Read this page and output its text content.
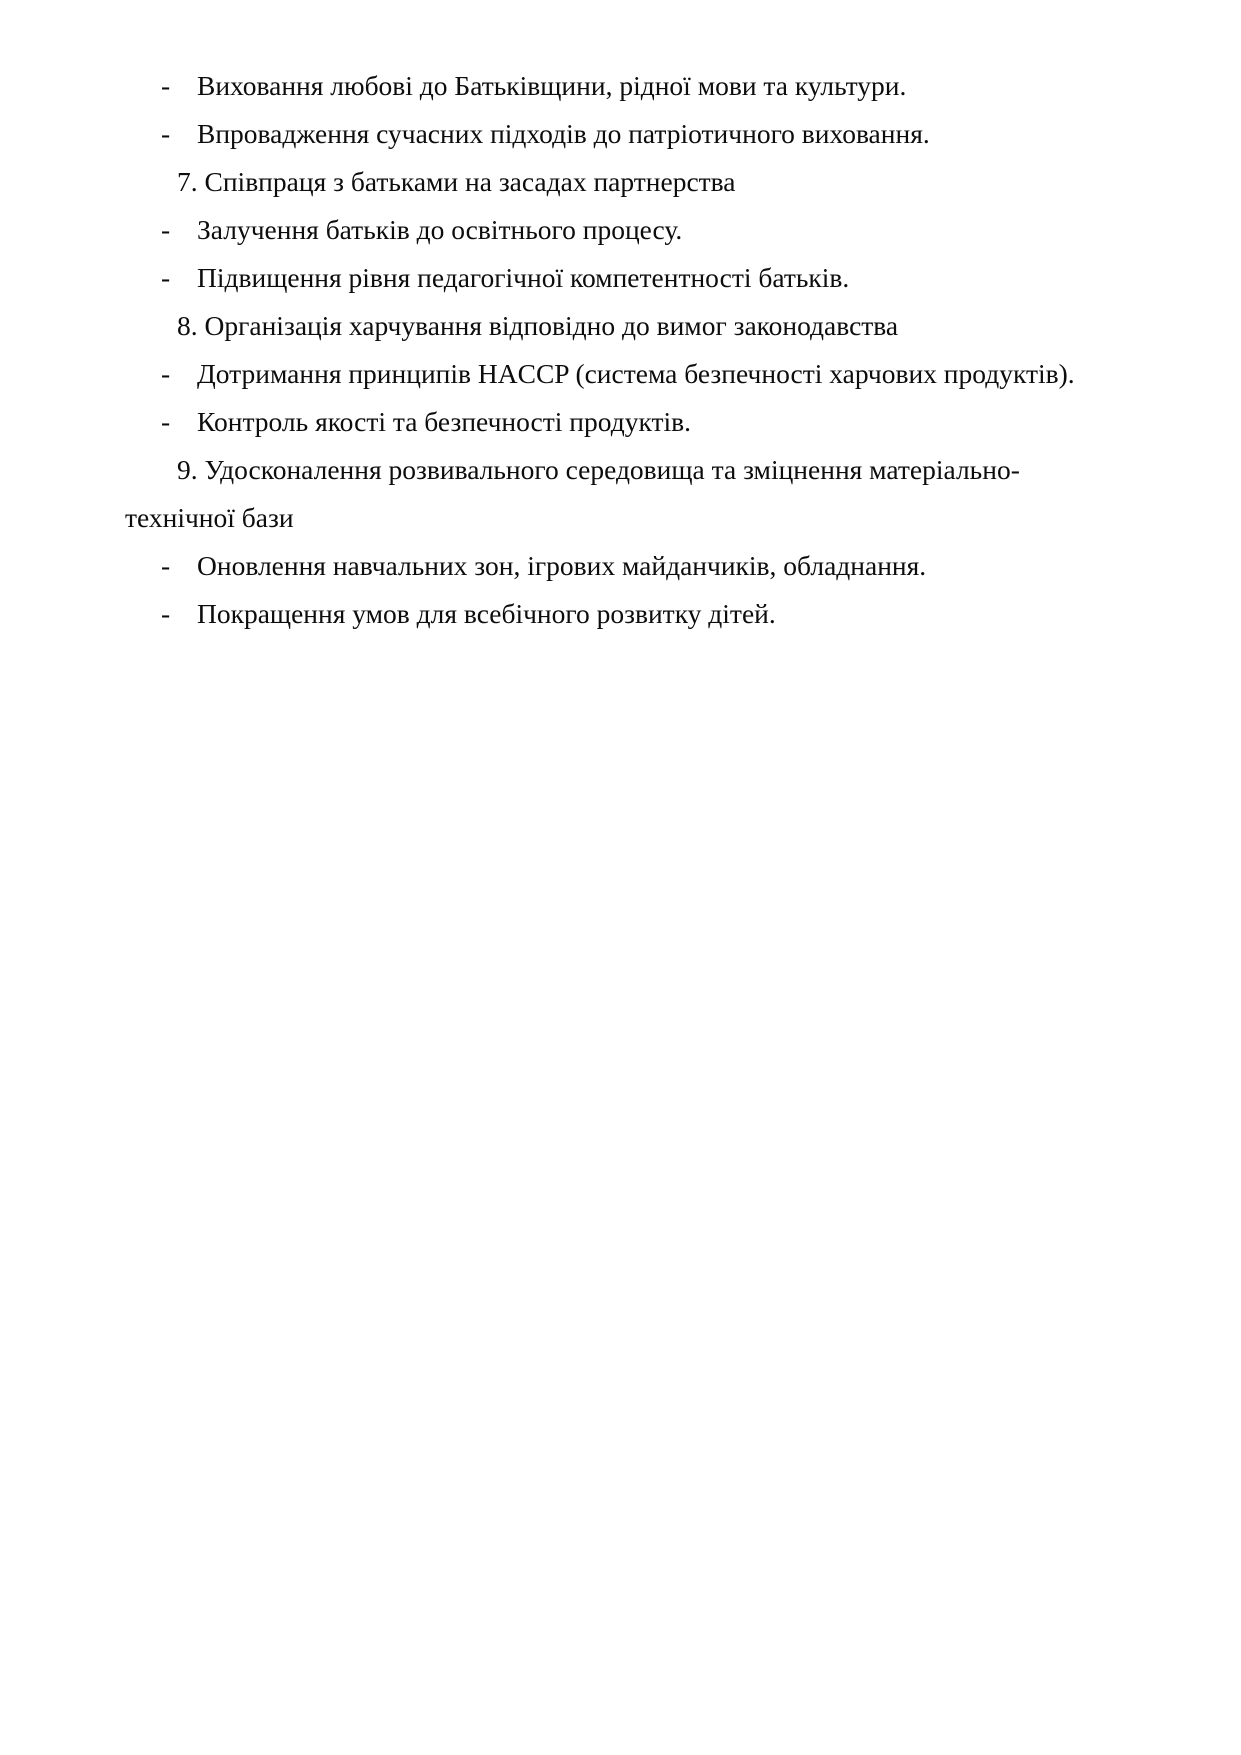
- Виховання любові до Батьківщини, рідної мови та культури.
- Впровадження сучасних підходів до патріотичного виховання.
7. Співпраця з батьками на засадах партнерства
- Залучення батьків до освітнього процесу.
- Підвищення рівня педагогічної компетентності батьків.
8. Організація харчування відповідно до вимог законодавства
- Дотримання принципів HACCP (система безпечності харчових продуктів).
- Контроль якості та безпечності продуктів.
9. Удосконалення розвивального середовища та зміцнення матеріально-
технічної бази
- Оновлення навчальних зон, ігрових майданчиків, обладнання.
- Покращення умов для всебічного розвитку дітей.
